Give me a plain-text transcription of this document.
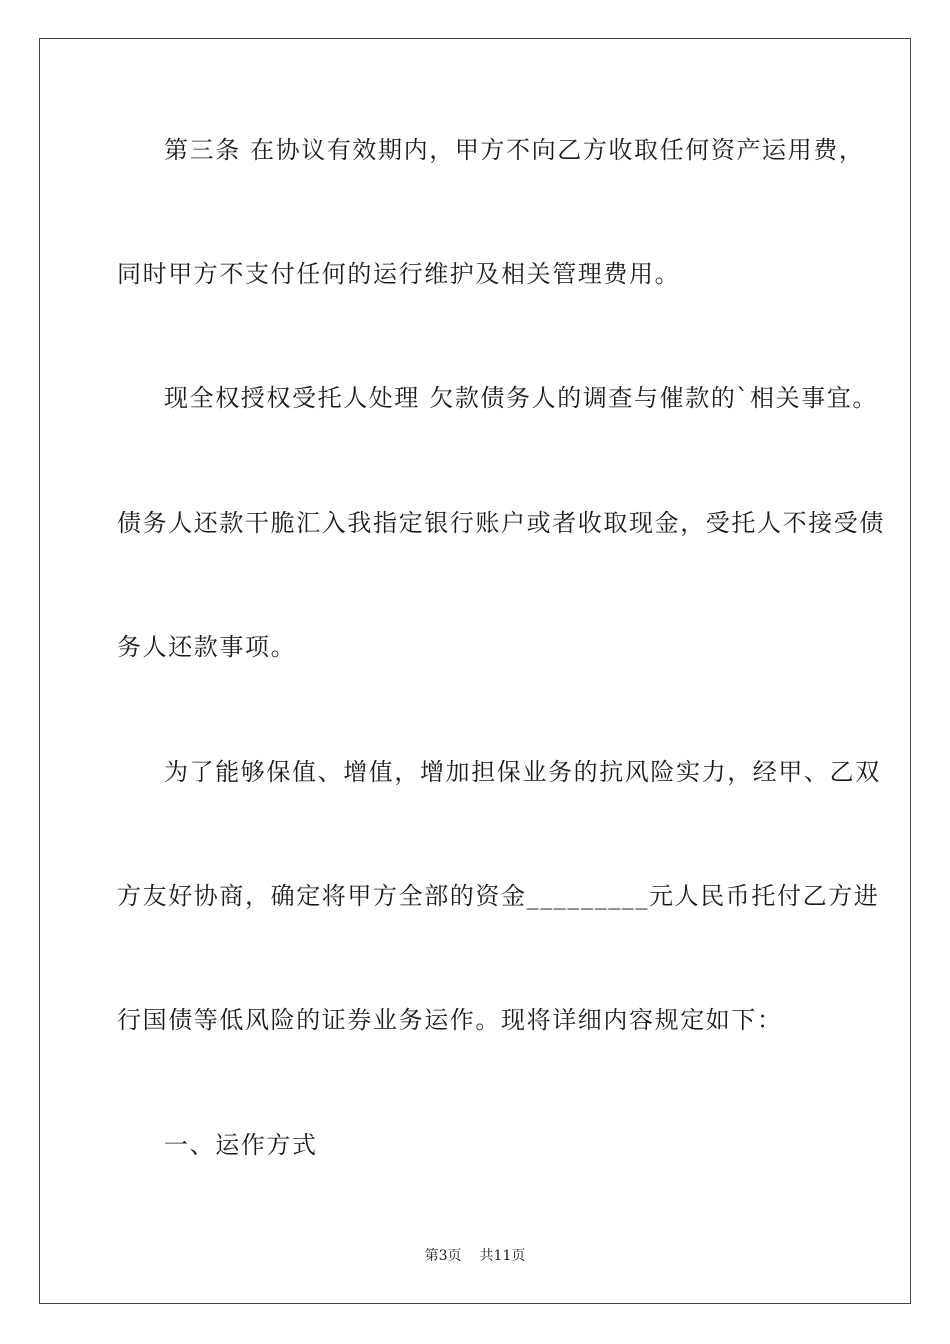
第三条 在协议有效期内，甲方不向乙方收取任何资产运用费，
同时甲方不支付任何的运行维护及相关管理费用。
现全权授权受托人处理 欠款债务人的调查与催款的`相关事宜。
债务人还款干脆汇入我指定银行账户或者收取现金，受托人不接受债
务人还款事项。
为了能够保值、增值，增加担保业务的抗风险实力，经甲、乙双
方友好协商，确定将甲方全部的资金_________元人民币托付乙方进
行国债等低风险的证券业务运作。现将详细内容规定如下：
一、运作方式
第3页 共11页
